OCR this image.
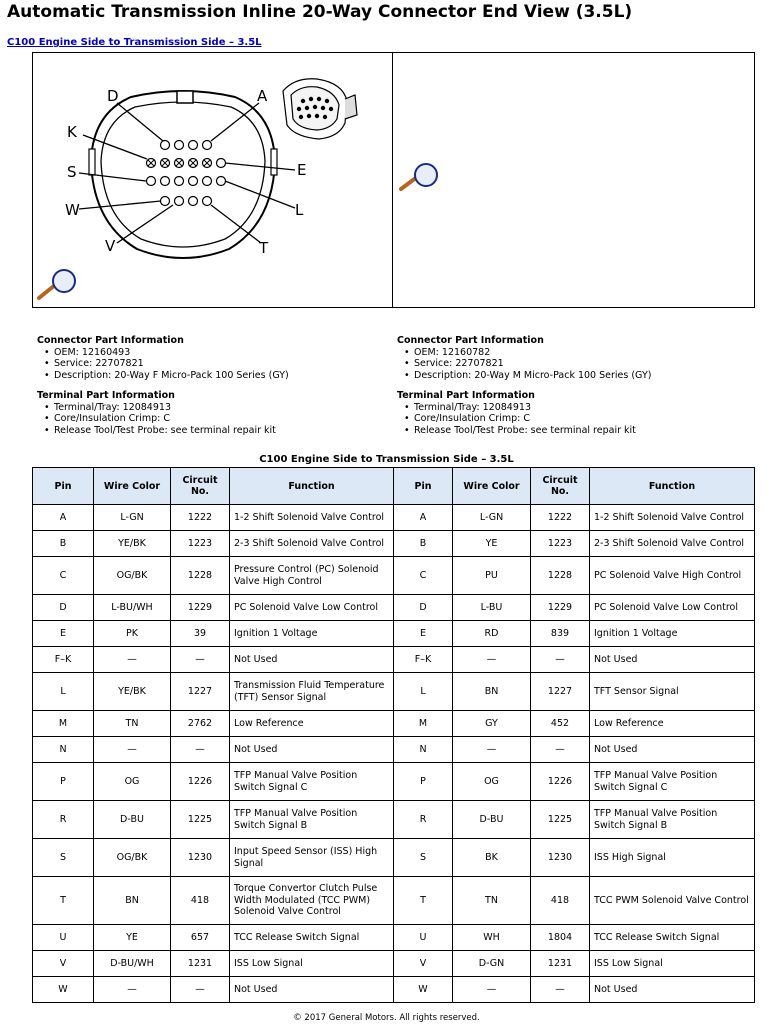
Automatic Transmission Inline 20-Way Connector End View (3.5L)
C100 Engine Side to Transmission Side – 3.5L
D	A
K
S	E
W	L
V	T
Connector Part Information
• OEM: 12160493
• Service: 22707821
• Description: 20-Way F Micro-Pack 100 Series (GY)
Terminal Part Information
• Terminal/Tray: 12084913
• Core/Insulation Crimp: C
• Release Tool/Test Probe: see terminal repair kit
Connector Part Information
• OEM: 12160782
• Service: 22707821
• Description: 20-Way M Micro-Pack 100 Series (GY)
Terminal Part Information
• Terminal/Tray: 12084913
• Core/Insulation Crimp: C
• Release Tool/Test Probe: see terminal repair kit
C100 Engine Side to Transmission Side – 3.5L
Pin	Wire Color	Circuit No.	Function	Pin	Wire Color	Circuit No.	Function
A	L-GN	1222	1-2 Shift Solenoid Valve Control	A	L-GN	1222	1-2 Shift Solenoid Valve Control
B	YE/BK	1223	2-3 Shift Solenoid Valve Control	B	YE	1223	2-3 Shift Solenoid Valve Control
C	OG/BK	1228	Pressure Control (PC) Solenoid Valve High Control	C	PU	1228	PC Solenoid Valve High Control
D	L-BU/WH	1229	PC Solenoid Valve Low Control	D	L-BU	1229	PC Solenoid Valve Low Control
E	PK	39	Ignition 1 Voltage	E	RD	839	Ignition 1 Voltage
F–K	—	—	Not Used	F–K	—	—	Not Used
L	YE/BK	1227	Transmission Fluid Temperature (TFT) Sensor Signal	L	BN	1227	TFT Sensor Signal
M	TN	2762	Low Reference	M	GY	452	Low Reference
N	—	—	Not Used	N	—	—	Not Used
P	OG	1226	TFP Manual Valve Position Switch Signal C	P	OG	1226	TFP Manual Valve Position Switch Signal C
R	D-BU	1225	TFP Manual Valve Position Switch Signal B	R	D-BU	1225	TFP Manual Valve Position Switch Signal B
S	OG/BK	1230	Input Speed Sensor (ISS) High Signal	S	BK	1230	ISS High Signal
T	BN	418	Torque Convertor Clutch Pulse Width Modulated (TCC PWM) Solenoid Valve Control	T	TN	418	TCC PWM Solenoid Valve Control
U	YE	657	TCC Release Switch Signal	U	WH	1804	TCC Release Switch Signal
V	D-BU/WH	1231	ISS Low Signal	V	D-GN	1231	ISS Low Signal
W	—	—	Not Used	W	—	—	Not Used
© 2017 General Motors. All rights reserved.
